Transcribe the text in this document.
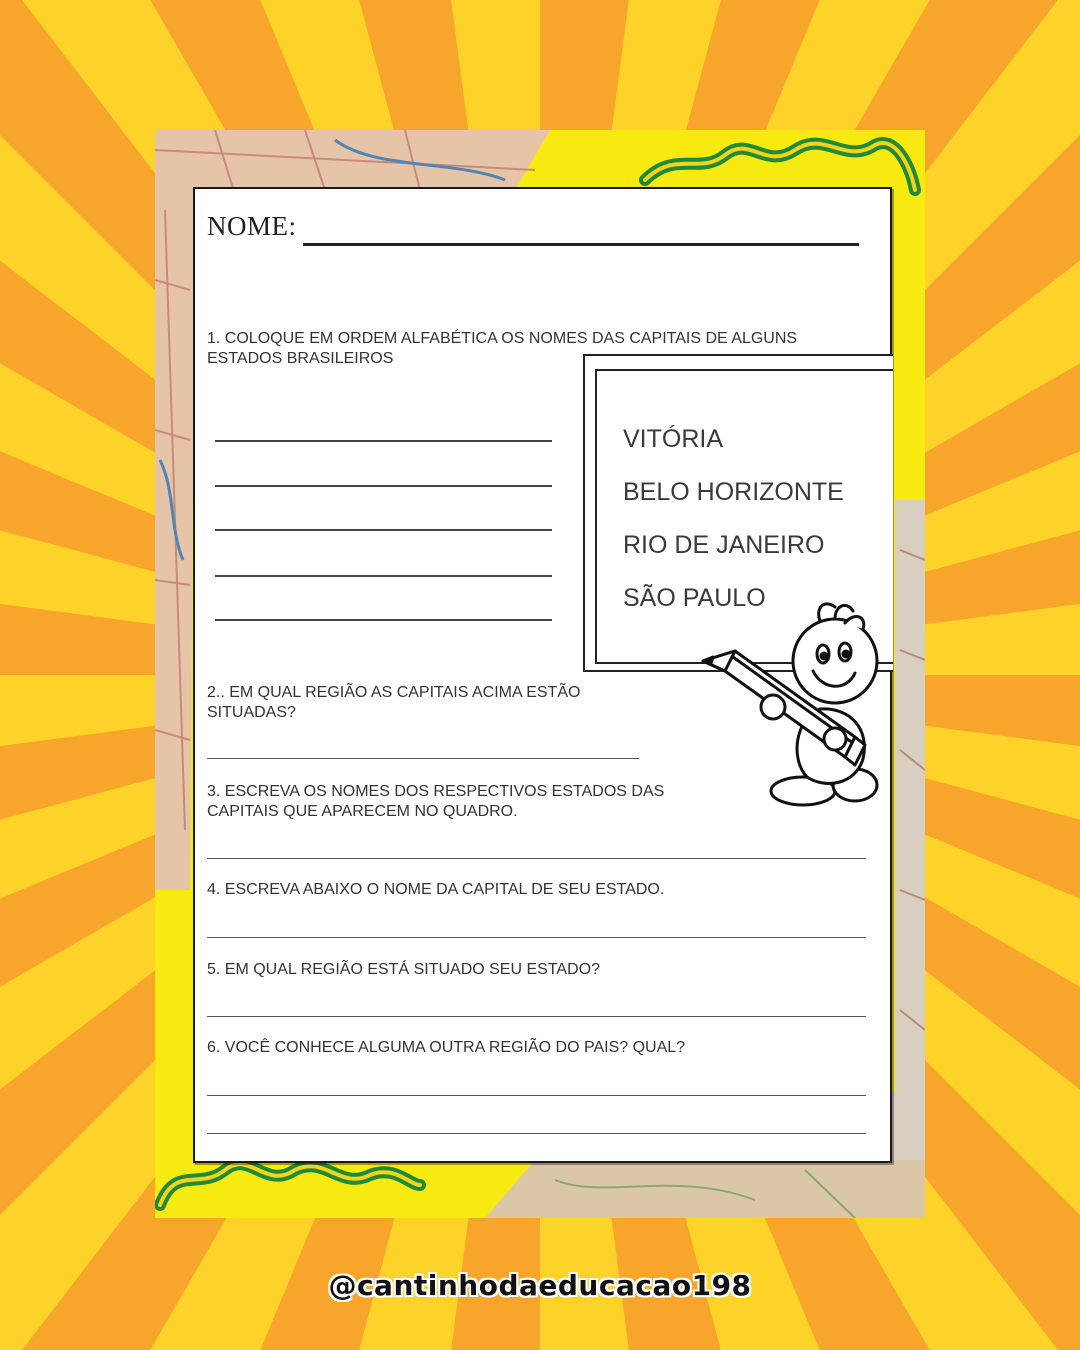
NOME:
1. COLOQUE EM ORDEM ALFABÉTICA OS NOMES DAS CAPITAIS DE ALGUNS ESTADOS BRASILEIROS
VITÓRIA
BELO HORIZONTE
RIO DE JANEIRO
SÃO PAULO
2.. EM QUAL REGIÃO AS CAPITAIS ACIMA ESTÃO SITUADAS?
3. ESCREVA OS NOMES DOS RESPECTIVOS ESTADOS DAS CAPITAIS QUE APARECEM NO QUADRO.
4. ESCREVA ABAIXO O NOME DA CAPITAL DE SEU ESTADO.
5. EM QUAL REGIÃO ESTÁ SITUADO SEU ESTADO?
6. VOCÊ CONHECE ALGUMA OUTRA REGIÃO DO PAIS? QUAL?
@cantinhodaeducacao198
